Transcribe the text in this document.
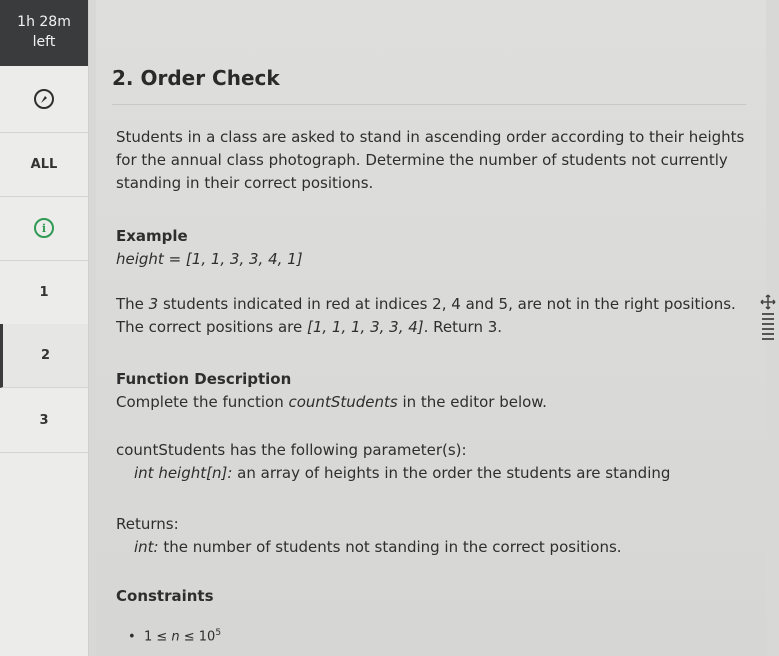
1h 28m
left
ALL
i
1
2
3
2. Order Check
Students in a class are asked to stand in ascending order according to their heights for the annual class photograph. Determine the number of students not currently standing in their correct positions.
Example
height = [1, 1, 3, 3, 4, 1]
The 3 students indicated in red at indices 2, 4 and 5, are not in the right positions. The correct positions are [1, 1, 1, 3, 3, 4]. Return 3.
Function Description
Complete the function countStudents in the editor below.
countStudents has the following parameter(s):
int height[n]: an array of heights in the order the students are standing
Returns:
int: the number of students not standing in the correct positions.
Constraints
•  $1 \le n \le 10^5$
